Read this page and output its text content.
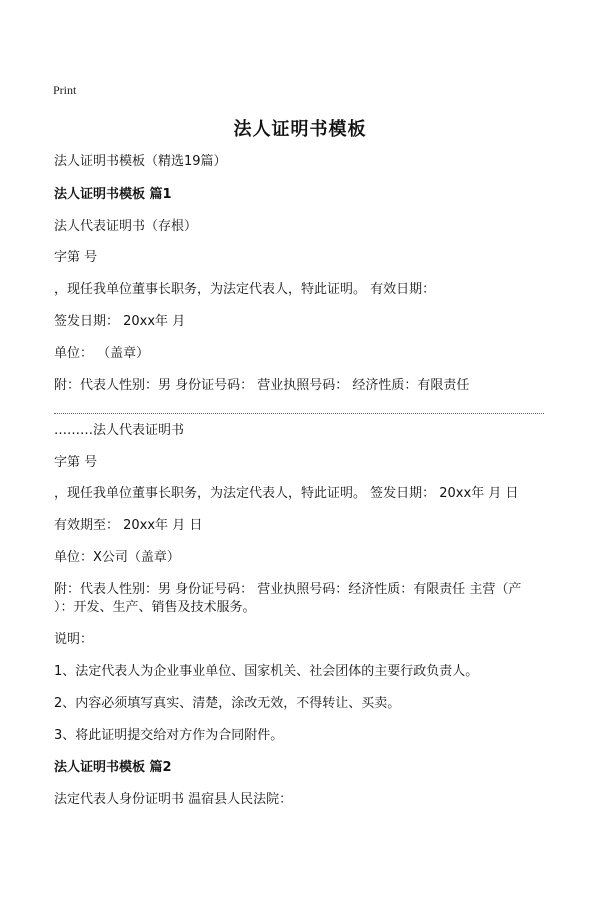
Print
法人证明书模板
法人证明书模板（精选19篇）
法人证明书模板 篇1
法人代表证明书（存根）
字第 号
，现任我单位董事长职务，为法定代表人，特此证明。 有效日期：
签发日期： 20xx年 月
单位： （盖章）
附：代表人性别：男 身份证号码： 营业执照号码： 经济性质：有限责任
………法人代表证明书
字第 号
，现任我单位董事长职务，为法定代表人，特此证明。 签发日期： 20xx年 月 日
有效期至： 20xx年 月 日
单位：X公司（盖章）
附：代表人性别：男 身份证号码： 营业执照号码：经济性质：有限责任 主营（产
）：开发、生产、销售及技术服务。
说明：
1、法定代表人为企业事业单位、国家机关、社会团体的主要行政负责人。
2、内容必须填写真实、清楚，涂改无效，不得转让、买卖。
3、将此证明提交给对方作为合同附件。
法人证明书模板 篇2
法定代表人身份证明书 温宿县人民法院：
